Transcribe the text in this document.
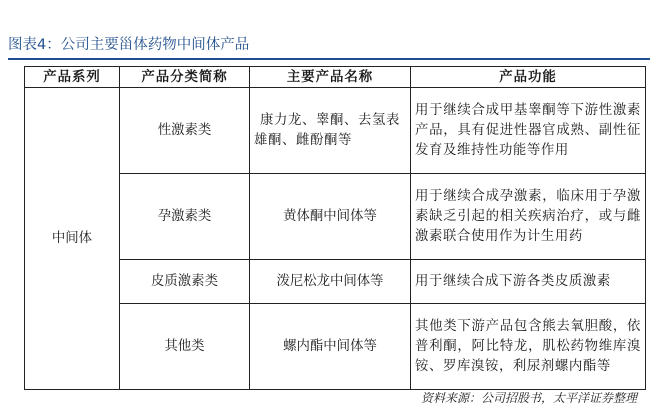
图表4：公司主要甾体药物中间体产品
产品系列	产品分类简称	主要产品名称	产品功能
中间体	性激素类	康力龙、睾酮、去氢表雄酮、雌酚酮等	用于继续合成甲基睾酮等下游性激素产品，具有促进性器官成熟、副性征发育及维持性功能等作用
	孕激素类	黄体酮中间体等	用于继续合成孕激素，临床用于孕激素缺乏引起的相关疾病治疗，或与雌激素联合使用作为计生用药
	皮质激素类	泼尼松龙中间体等	用于继续合成下游各类皮质激素
	其他类	螺内酯中间体等	其他类下游产品包含熊去氧胆酸，依普利酮，阿比特龙，肌松药物维库溴铵、罗库溴铵，利尿剂螺内酯等
资料来源：公司招股书，太平洋证券整理
